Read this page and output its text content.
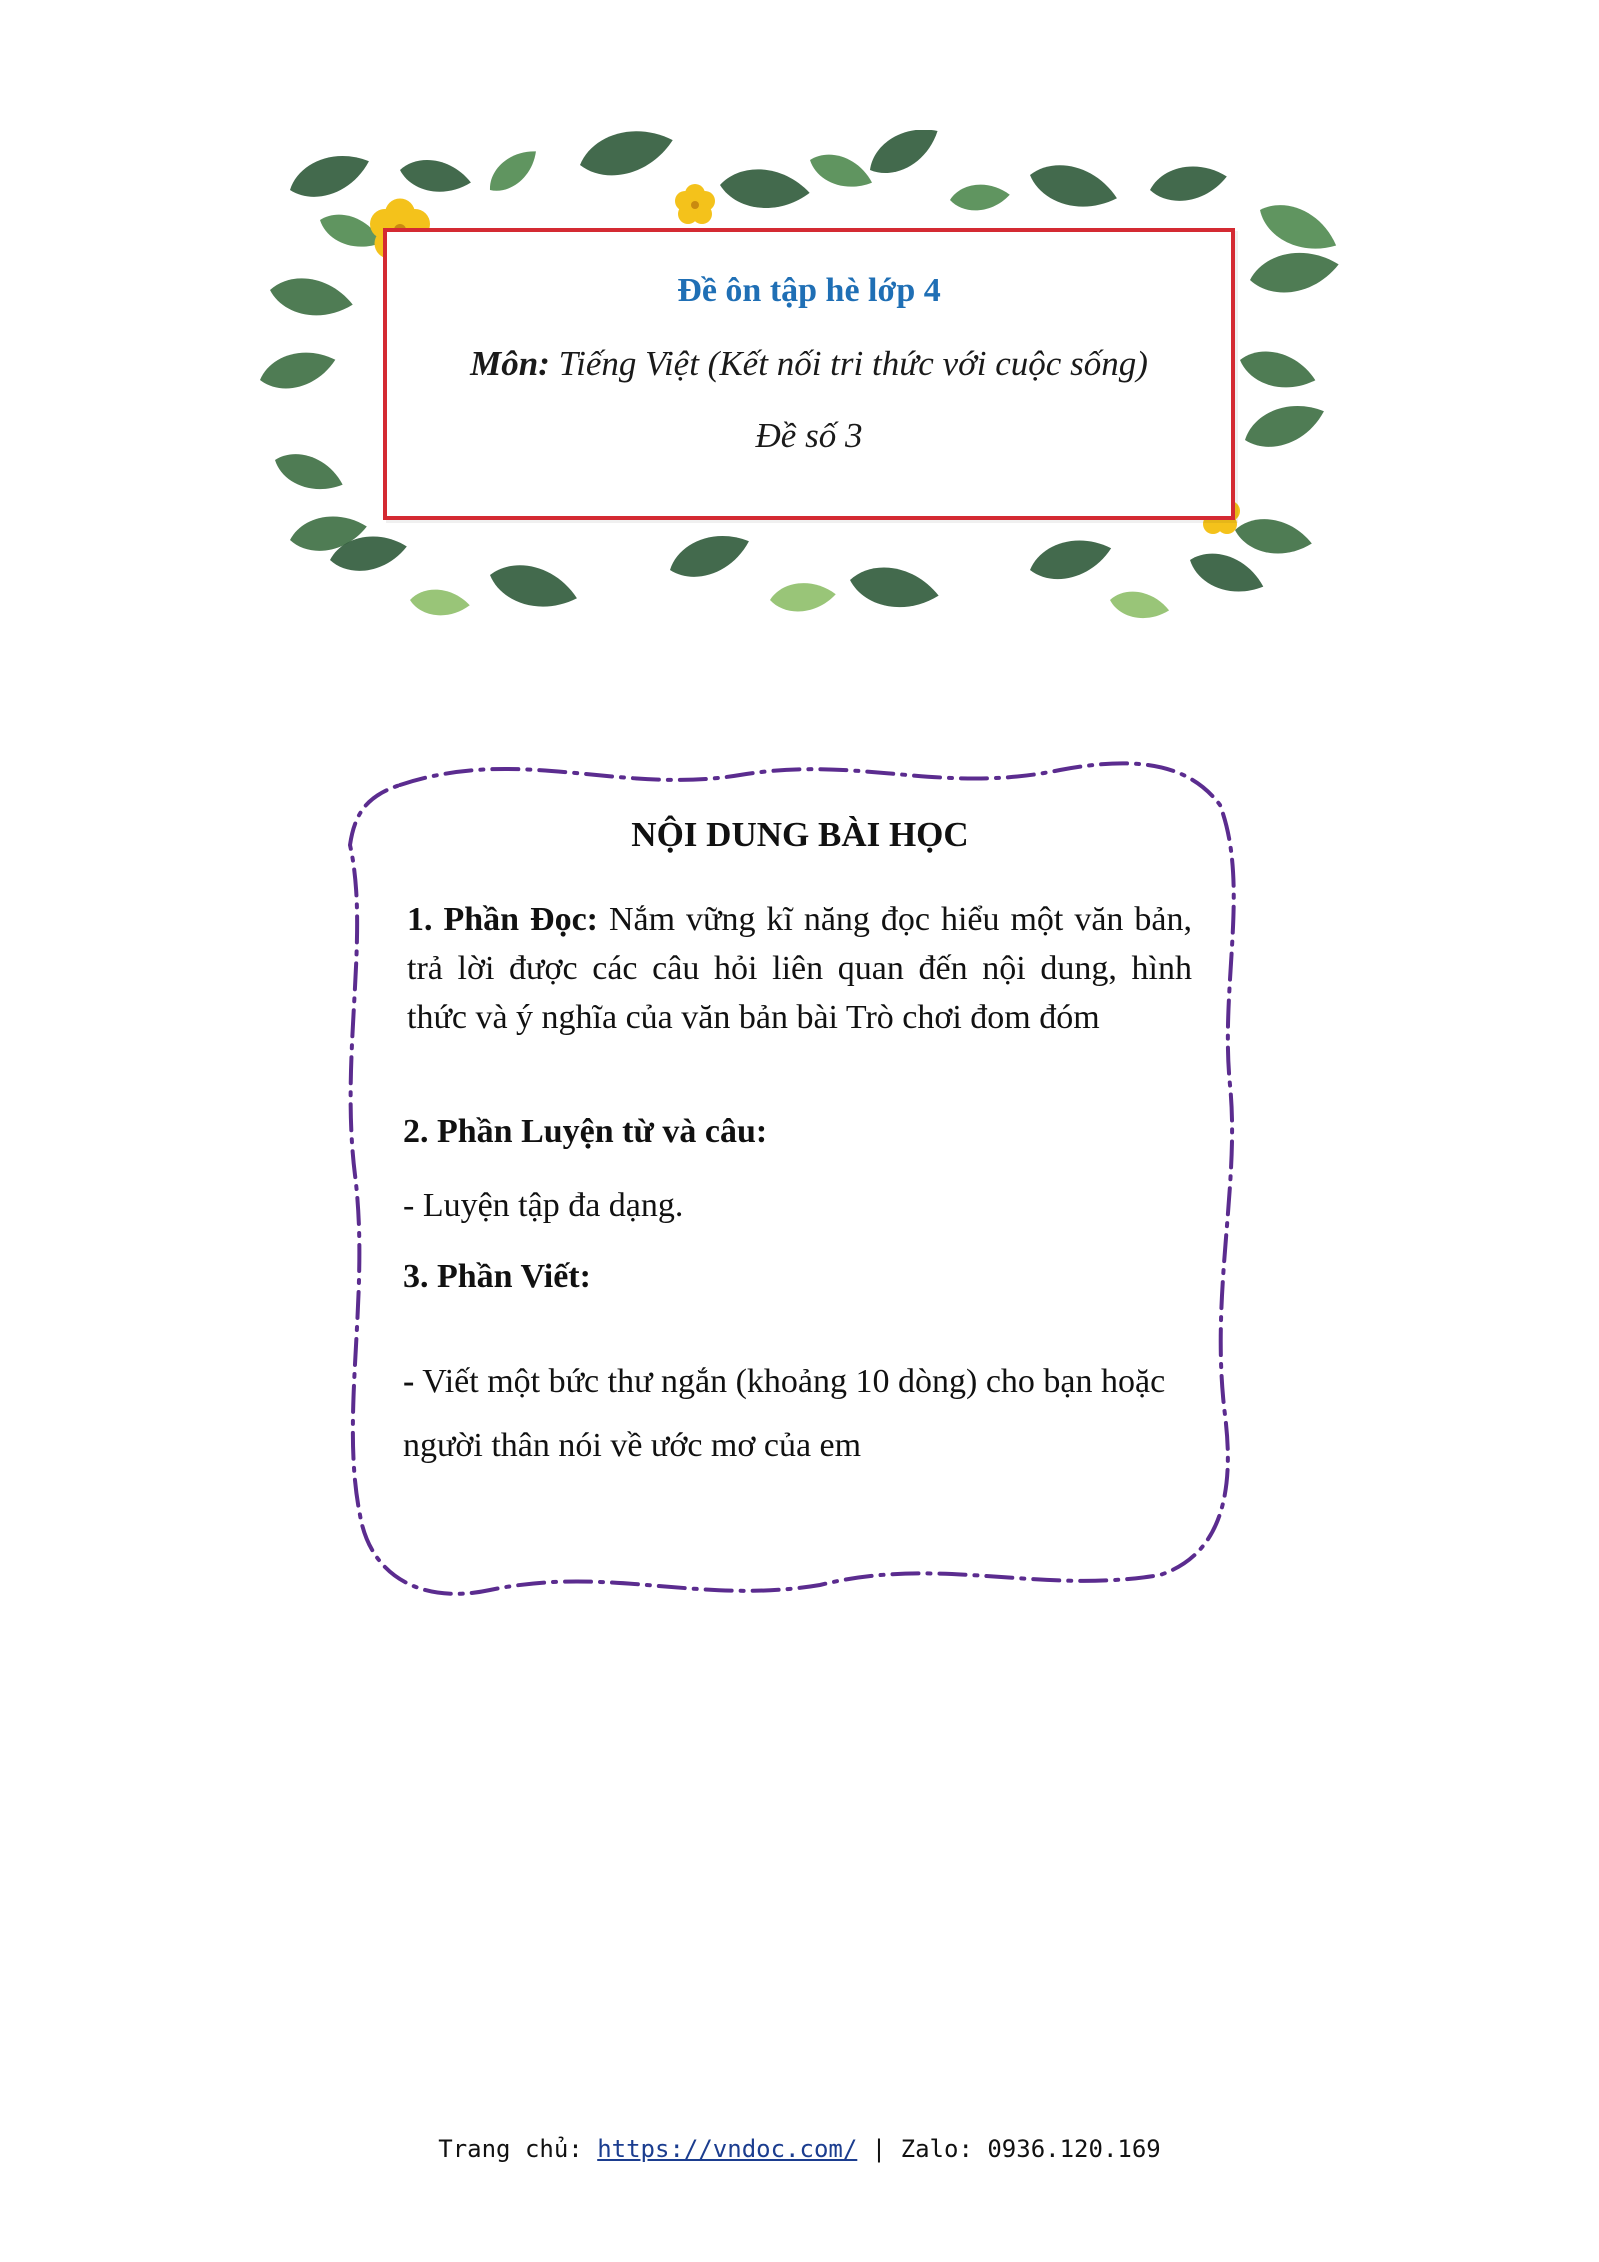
Đề ôn tập hè lớp 4
Môn: Tiếng Việt (Kết nối tri thức với cuộc sống)
Đề số 3
NỘI DUNG BÀI HỌC
1. Phần Đọc: Nắm vững kĩ năng đọc hiểu một văn bản, trả lời được các câu hỏi liên quan đến nội dung, hình thức và ý nghĩa của văn bản bài Trò chơi đom đóm
2. Phần Luyện từ và câu:
- Luyện tập đa dạng.
3. Phần Viết:
- Viết một bức thư ngắn (khoảng 10 dòng) cho bạn hoặc người thân nói về ước mơ của em
Trang chủ: https://vndoc.com/ | Zalo: 0936.120.169
